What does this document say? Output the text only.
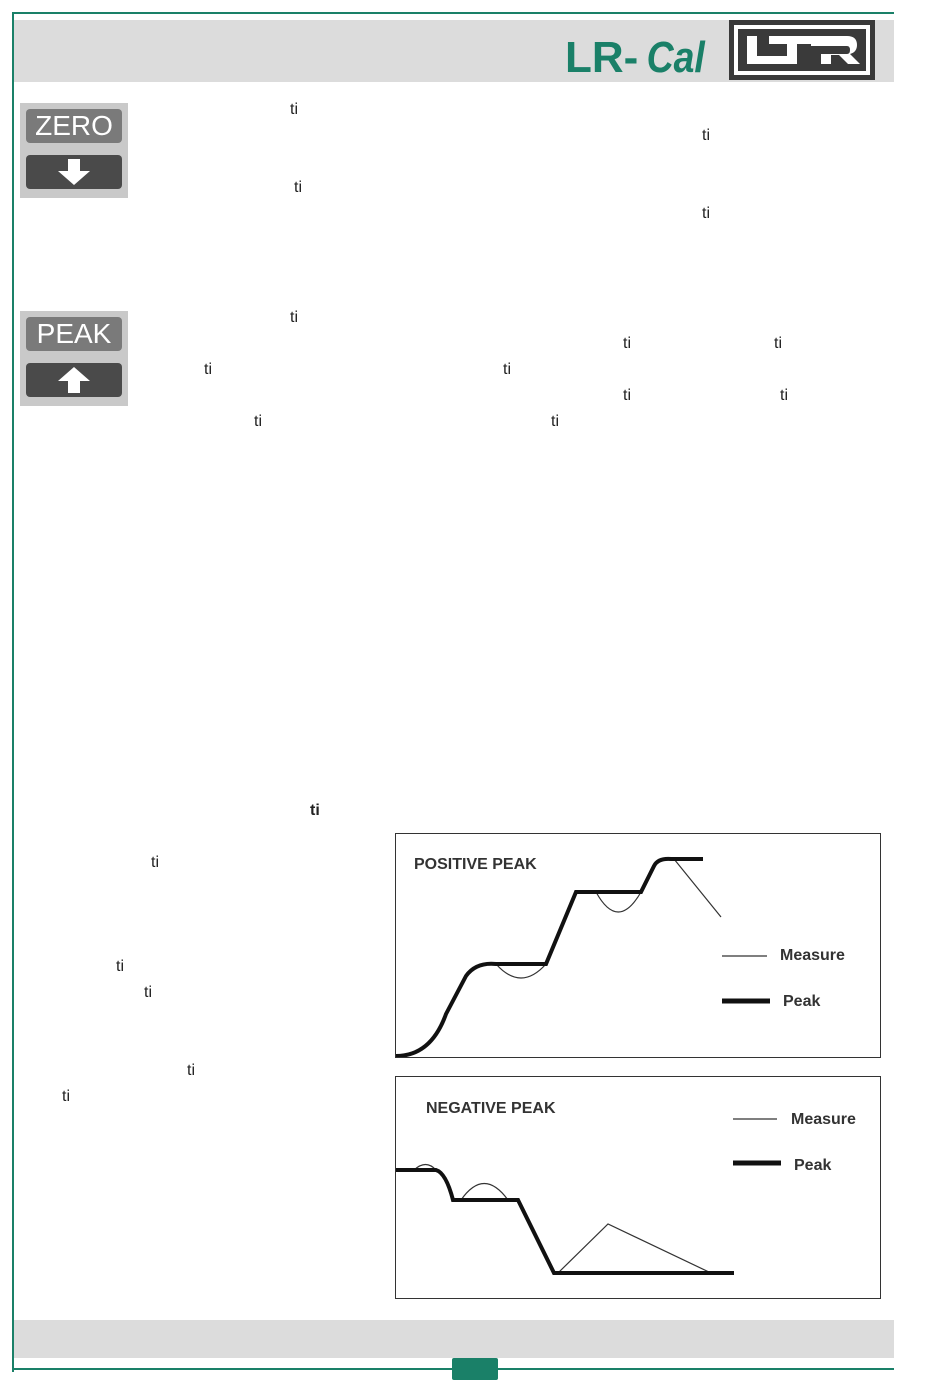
LR- Cal
ZERO
PEAK
ti
ti
ti
ti
ti
ti	ti
ti	ti
ti	ti
ti	ti
ti
ti
ti
ti
ti
ti
POSITIVE PEAK
Measure
Peak
NEGATIVE PEAK
Measure
Peak
